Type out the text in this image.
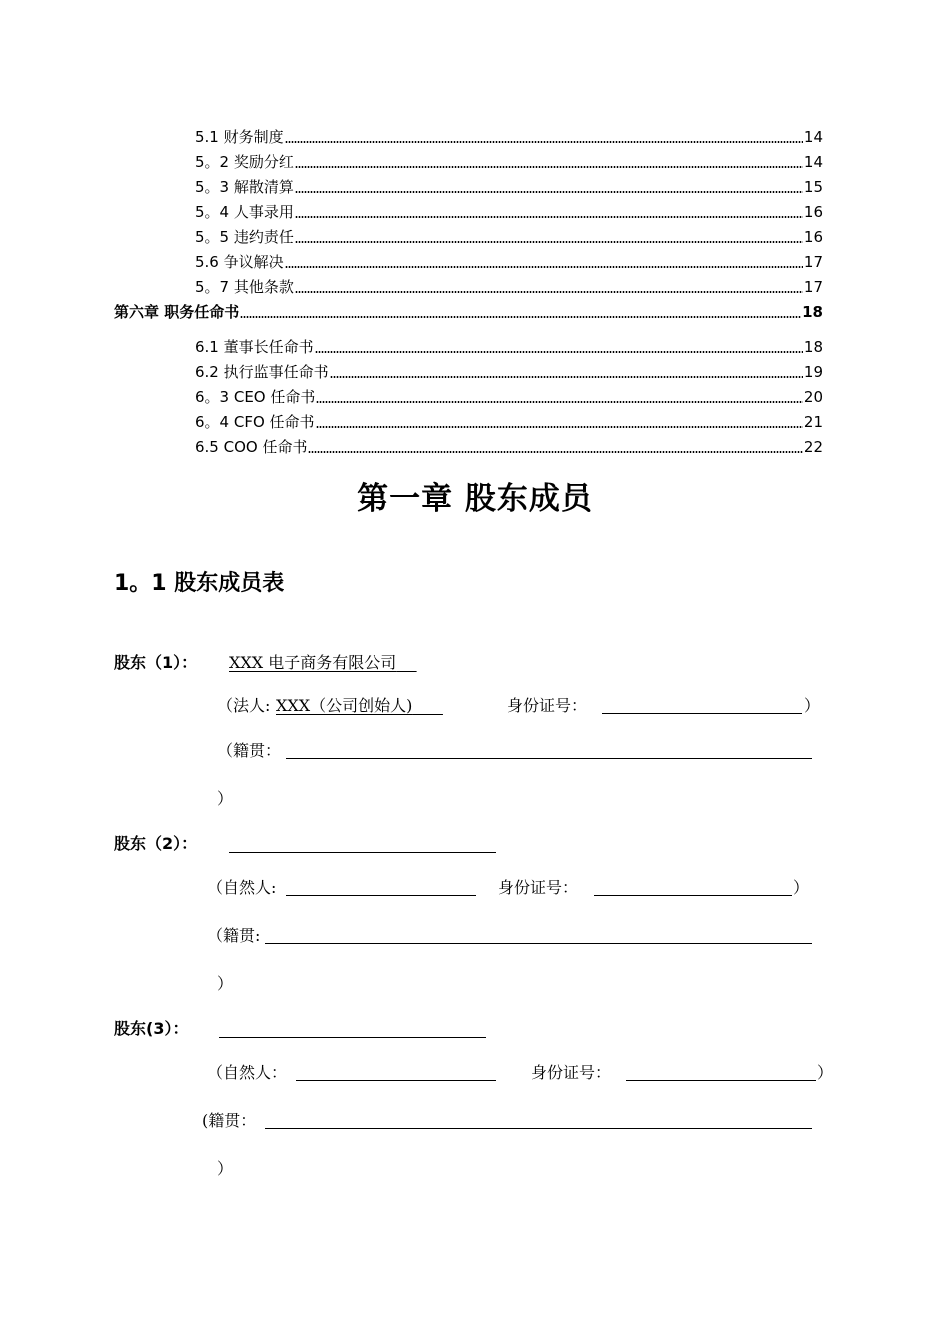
5.1 财务制度	14
5。2 奖励分红	14
5。3 解散清算	15
5。4 人事录用	16
5。5 违约责任	16
5.6 争议解决	17
5。7 其他条款	17
第六章 职务任命书	18
6.1 董事长任命书	18
6.2 执行监事任命书	19
6。3 CEO 任命书	20
6。4 CFO 任命书	21
6.5 COO 任命书	22
第一章 股东成员
1。1 股东成员表
股东（1）： XXX 电子商务有限公司
（法人: XXX（公司创始人)	身份证号：	）
（籍贯：
）
股东（2）：
（自然人:	身份证号：	）
（籍贯:
）
股东(3）：
（自然人：	身份证号：	）
(籍贯：
）
